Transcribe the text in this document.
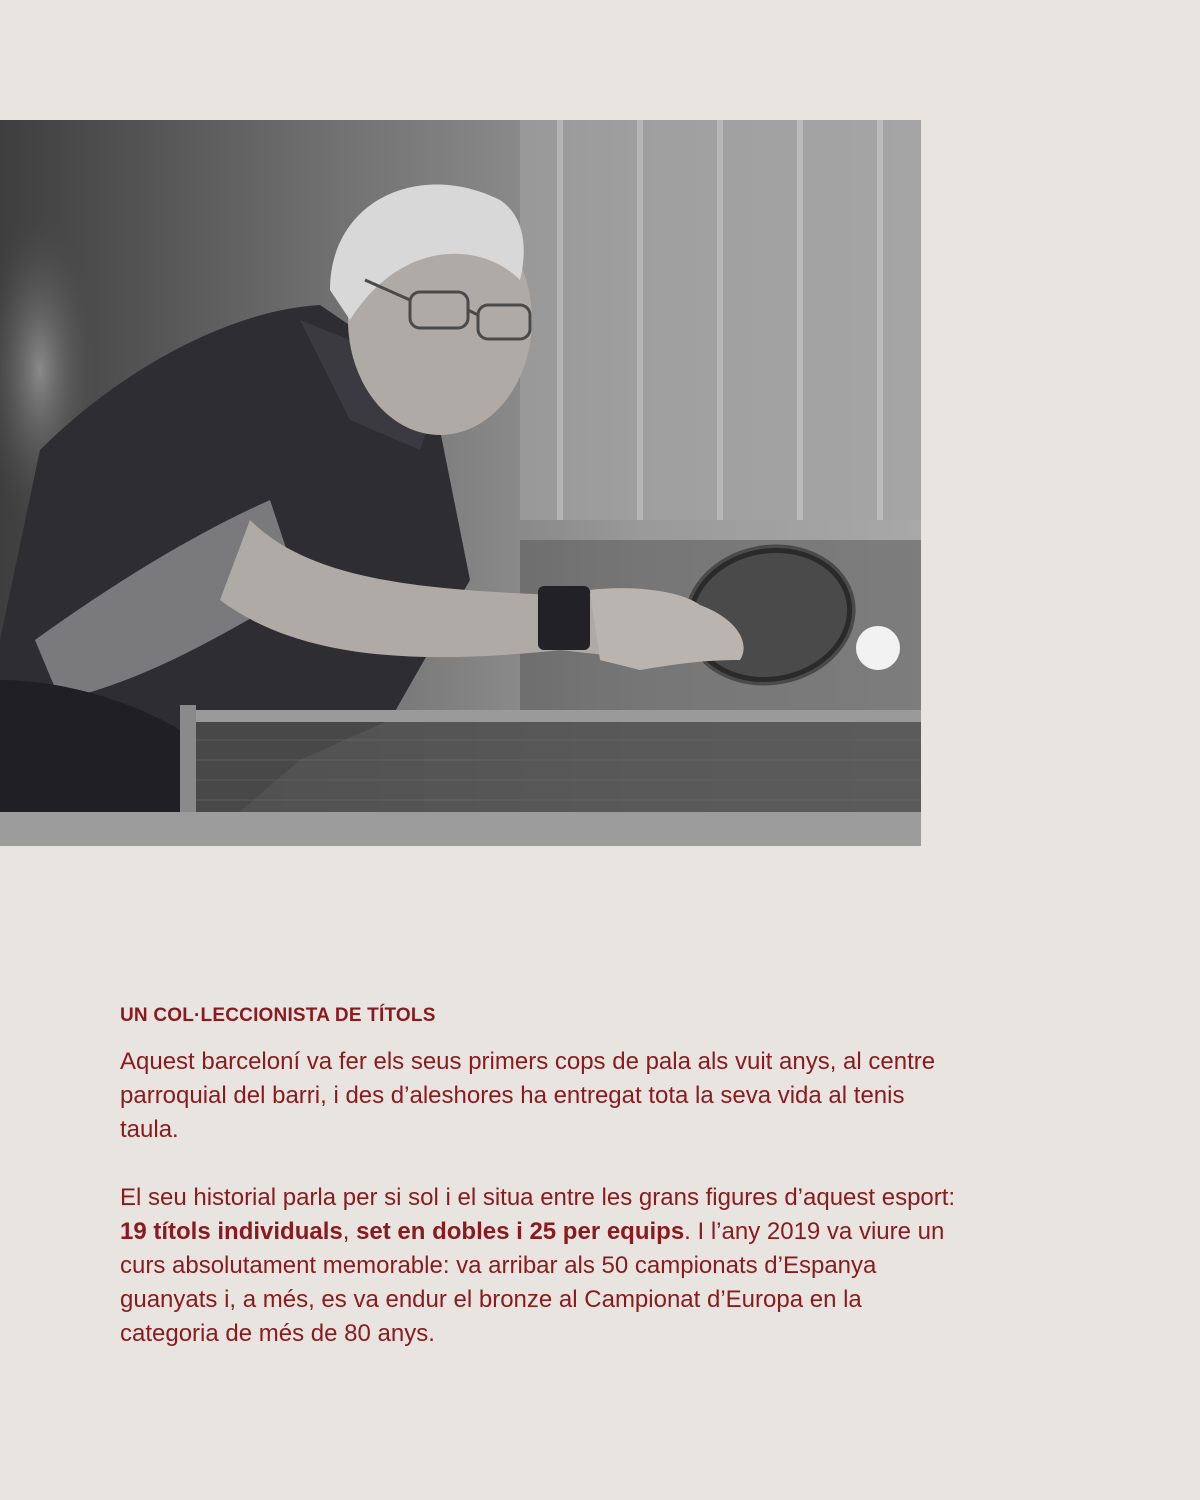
UN COL·LECCIONISTA DE TÍTOLS

Aquest barceloní va fer els seus primers cops de pala als vuit anys, al centre parroquial del barri, i des d’aleshores ha entregat tota la seva vida al tenis taula.

El seu historial parla per si sol i el situa entre les grans figures d’aquest esport: 19 títols individuals, set en dobles i 25 per equips. I l’any 2019 va viure un curs absolutament memorable: va arribar als 50 campionats d’Espanya guanyats i, a més, es va endur el bronze al Campionat d’Europa en la categoria de més de 80 anys.
